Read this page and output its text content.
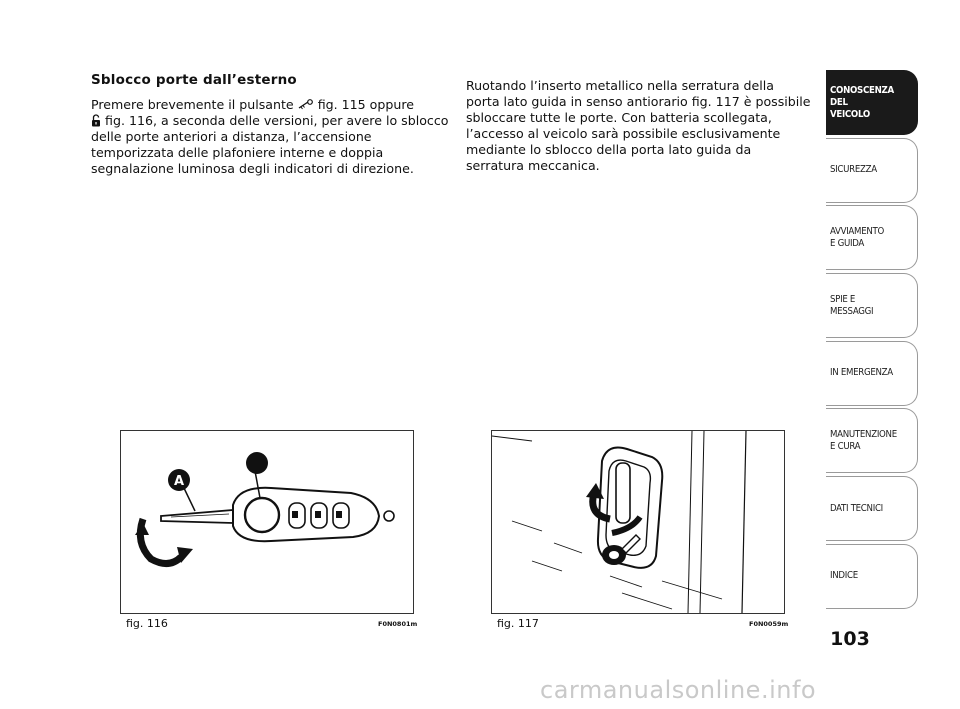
Sblocco porte dall’esterno

Premere brevemente il pulsante fig. 115 oppure
fig. 116, a seconda delle versioni, per avere lo sblocco delle porte anteriori a distanza, l’accensione temporizzata delle plafoniere interne e doppia segnalazione luminosa degli indicatori di direzione.

Ruotando l’inserto metallico nella serratura della porta lato guida in senso antiorario fig. 117 è possibile sbloccare tutte le porte. Con batteria scollegata, l’accesso al veicolo sarà possibile esclusivamente mediante lo sblocco della porta lato guida da serratura meccanica.

A
fig. 116	F0N0801m	fig. 117	F0N0059m
CONOSCENZA
DEL
VEICOLO
SICUREZZA
AVVIAMENTO
E GUIDA
SPIE E
MESSAGGI
IN EMERGENZA
MANUTENZIONE
E CURA
DATI TECNICI
INDICE
103
carmanualsonline.info
